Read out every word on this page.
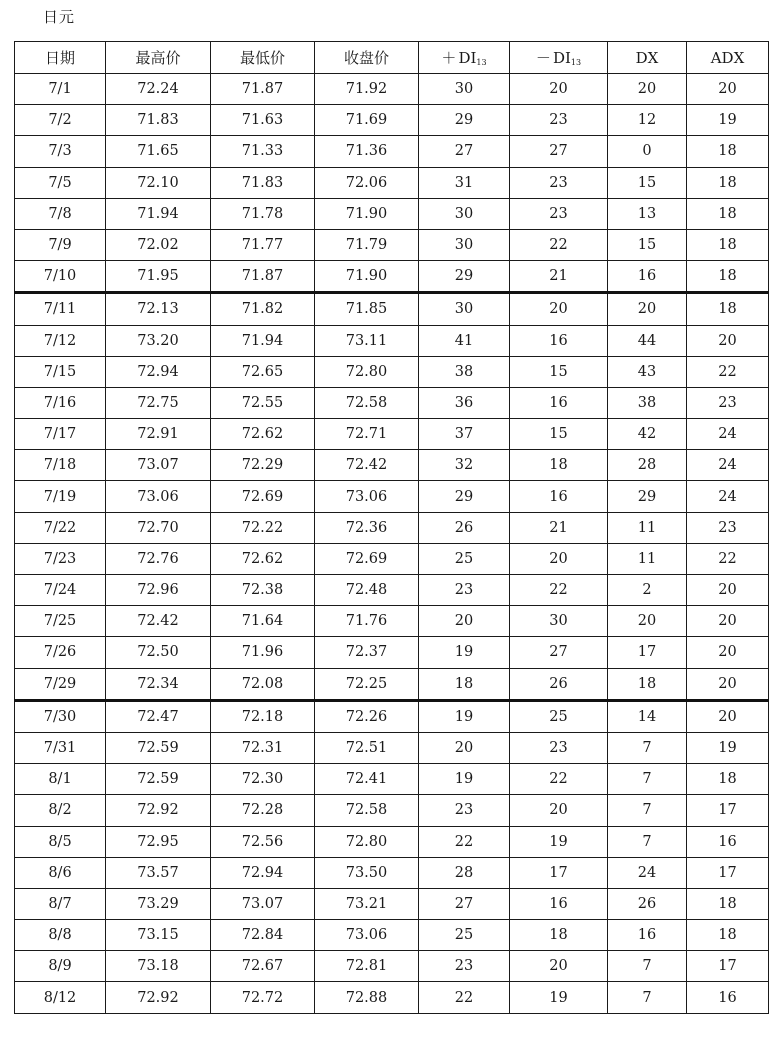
日元
日期	最高价	最低价	收盘价	＋ $DI_{13}$	－ $DI_{13}$	DX	ADX
7/1	72.24	71.87	71.92	30	20	20	20
7/2	71.83	71.63	71.69	29	23	12	19
7/3	71.65	71.33	71.36	27	27	0	18
7/5	72.10	71.83	72.06	31	23	15	18
7/8	71.94	71.78	71.90	30	23	13	18
7/9	72.02	71.77	71.79	30	22	15	18
7/10	71.95	71.87	71.90	29	21	16	18
7/11	72.13	71.82	71.85	30	20	20	18
7/12	73.20	71.94	73.11	41	16	44	20
7/15	72.94	72.65	72.80	38	15	43	22
7/16	72.75	72.55	72.58	36	16	38	23
7/17	72.91	72.62	72.71	37	15	42	24
7/18	73.07	72.29	72.42	32	18	28	24
7/19	73.06	72.69	73.06	29	16	29	24
7/22	72.70	72.22	72.36	26	21	11	23
7/23	72.76	72.62	72.69	25	20	11	22
7/24	72.96	72.38	72.48	23	22	2	20
7/25	72.42	71.64	71.76	20	30	20	20
7/26	72.50	71.96	72.37	19	27	17	20
7/29	72.34	72.08	72.25	18	26	18	20
7/30	72.47	72.18	72.26	19	25	14	20
7/31	72.59	72.31	72.51	20	23	7	19
8/1	72.59	72.30	72.41	19	22	7	18
8/2	72.92	72.28	72.58	23	20	7	17
8/5	72.95	72.56	72.80	22	19	7	16
8/6	73.57	72.94	73.50	28	17	24	17
8/7	73.29	73.07	73.21	27	16	26	18
8/8	73.15	72.84	73.06	25	18	16	18
8/9	73.18	72.67	72.81	23	20	7	17
8/12	72.92	72.72	72.88	22	19	7	16
